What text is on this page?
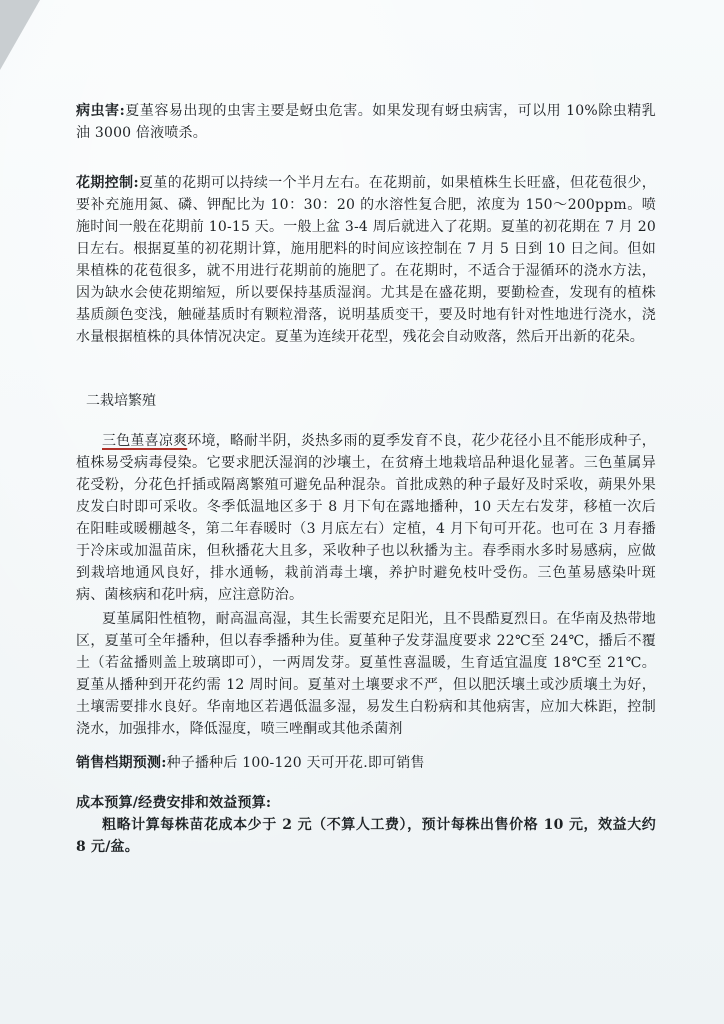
病虫害:夏堇容易出现的虫害主要是蚜虫危害。如果发现有蚜虫病害，可以用 10%除虫精乳油 3000 倍液喷杀。
花期控制:夏堇的花期可以持续一个半月左右。在花期前，如果植株生长旺盛，但花苞很少，要补充施用氮、磷、钾配比为 10：30：20 的水溶性复合肥，浓度为 150～200ppm。喷施时间一般在花期前 10-15 天。一般上盆 3-4 周后就进入了花期。夏堇的初花期在 7 月 20 日左右。根据夏堇的初花期计算，施用肥料的时间应该控制在 7 月 5 日到 10 日之间。但如果植株的花苞很多，就不用进行花期前的施肥了。在花期时，不适合于湿循环的浇水方法，因为缺水会使花期缩短，所以要保持基质湿润。尤其是在盛花期，要勤检查，发现有的植株基质颜色变浅，触碰基质时有颗粒滑落，说明基质变干，要及时地有针对性地进行浇水，浇水量根据植株的具体情况决定。夏堇为连续开花型，残花会自动败落，然后开出新的花朵。
二栽培繁殖
三色堇喜凉爽环境，略耐半阴，炎热多雨的夏季发育不良，花少花径小且不能形成种子，植株易受病毒侵染。它要求肥沃湿润的沙壤土，在贫瘠土地栽培品种退化显著。三色堇属异花受粉，分花色扦插或隔离繁殖可避免品种混杂。首批成熟的种子最好及时采收，蒴果外果皮发白时即可采收。冬季低温地区多于 8 月下旬在露地播种，10 天左右发芽，移植一次后在阳畦或暖棚越冬，第二年春暖时（3 月底左右）定植，4 月下旬可开花。也可在 3 月春播于冷床或加温苗床，但秋播花大且多，采收种子也以秋播为主。春季雨水多时易感病，应做到栽培地通风良好，排水通畅，栽前消毒土壤，养护时避免枝叶受伤。三色堇易感染叶斑病、菌核病和花叶病，应注意防治。
夏堇属阳性植物，耐高温高湿，其生长需要充足阳光，且不畏酷夏烈日。在华南及热带地区，夏堇可全年播种，但以春季播种为佳。夏堇种子发芽温度要求 22℃至 24℃，播后不覆土（若盆播则盖上玻璃即可），一两周发芽。夏堇性喜温暖，生育适宜温度 18℃至 21℃。夏堇从播种到开花约需 12 周时间。夏堇对土壤要求不严，但以肥沃壤土或沙质壤土为好，土壤需要排水良好。华南地区若遇低温多湿，易发生白粉病和其他病害，应加大株距，控制浇水，加强排水，降低湿度，喷三唑酮或其他杀菌剂
销售档期预测:种子播种后 100-120 天可开花.即可销售
成本预算/经费安排和效益预算:
粗略计算每株苗花成本少于 2 元（不算人工费），预计每株出售价格 10 元，效益大约 8 元/盆。
